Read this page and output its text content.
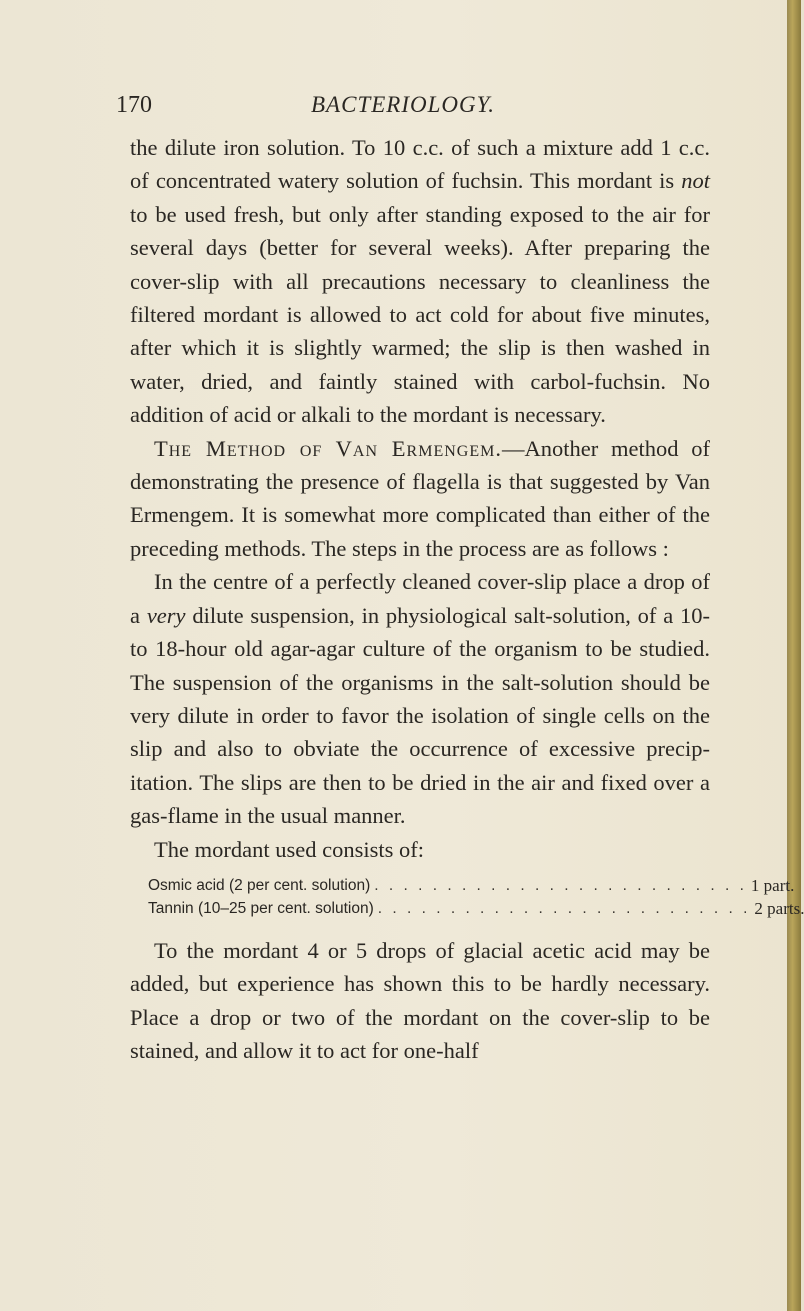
170	BACTERIOLOGY.

the dilute iron solution. To 10 c.c. of such a mixture add 1 c.c. of concentrated watery solution of fuchsin. This mordant is not to be used fresh, but only after standing exposed to the air for several days (better for several weeks). After preparing the cover-slip with all precautions necessary to cleanliness the filtered mordant is allowed to act cold for about five minutes, after which it is slightly warmed; the slip is then washed in water, dried, and faintly stained with carbol-fuchsin. No addition of acid or alkali to the mordant is necessary.

The Method of Van Ermengem.—Another method of demonstrating the presence of flagella is that suggested by Van Ermengem. It is somewhat more complicated than either of the preceding methods. The steps in the process are as follows :

In the centre of a perfectly cleaned cover-slip place a drop of a very dilute suspension, in physiological salt-solution, of a 10- to 18-hour old agar-agar culture of the organism to be studied. The suspension of the organisms in the salt-solution should be very dilute in order to favor the isolation of single cells on the slip and also to obviate the occurrence of excessive precipitation. The slips are then to be dried in the air and fixed over a gas-flame in the usual manner.

The mordant used consists of:

Osmic acid (2 per cent. solution) . . . . . . . . . . . . . . . . . . . . . . . . . . 1 part.
Tannin (10–25 per cent. solution) . . . . . . . . . . . . . . . . . . . . . . . . . . 2 parts.

To the mordant 4 or 5 drops of glacial acetic acid may be added, but experience has shown this to be hardly necessary. Place a drop or two of the mordant on the cover-slip to be stained, and allow it to act for one-half
